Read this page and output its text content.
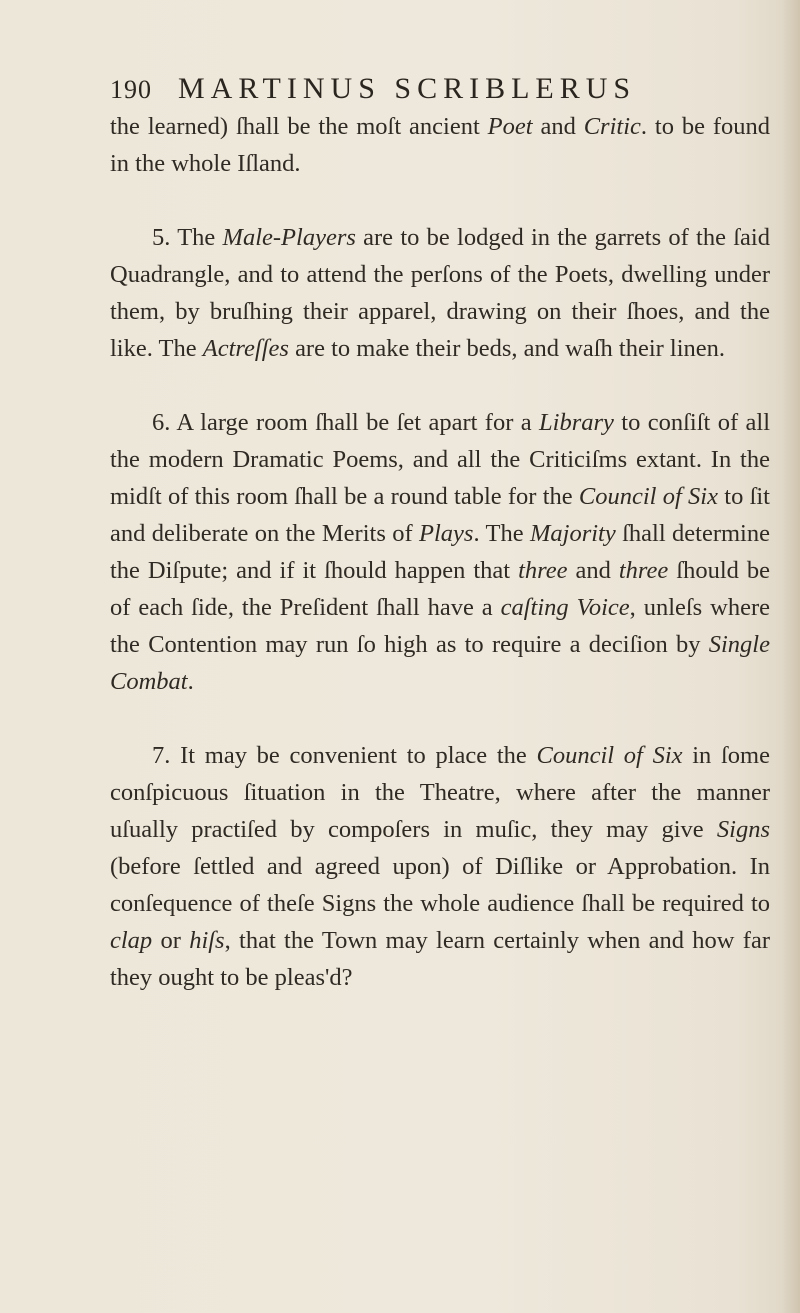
190 MARTINUS SCRIBLERUS

the learned) ſhall be the moſt ancient Poet and Critic. to be found in the whole Iſland.

5. The Male-Players are to be lodged in the garrets of the ſaid Quadrangle, and to attend the perſons of the Poets, dwelling under them, by bruſhing their apparel, drawing on their ſhoes, and the like. The Actreſſes are to make their beds, and waſh their linen.

6. A large room ſhall be ſet apart for a Library to conſiſt of all the modern Dramatic Poems, and all the Criticiſms extant. In the midſt of this room ſhall be a round table for the Council of Six to ſit and deliberate on the Merits of Plays. The Majority ſhall determine the Diſpute; and if it ſhould happen that three and three ſhould be of each ſide, the Preſident ſhall have a caſting Voice, unleſs where the Contention may run ſo high as to require a deciſion by Single Combat.

7. It may be convenient to place the Council of Six in ſome conſpicuous ſituation in the Theatre, where after the manner uſually practiſed by compoſers in muſic, they may give Signs (before ſettled and agreed upon) of Diſlike or Approbation. In conſequence of theſe Signs the whole audience ſhall be required to clap or hiſs, that the Town may learn certainly when and how far they ought to be pleas'd?
